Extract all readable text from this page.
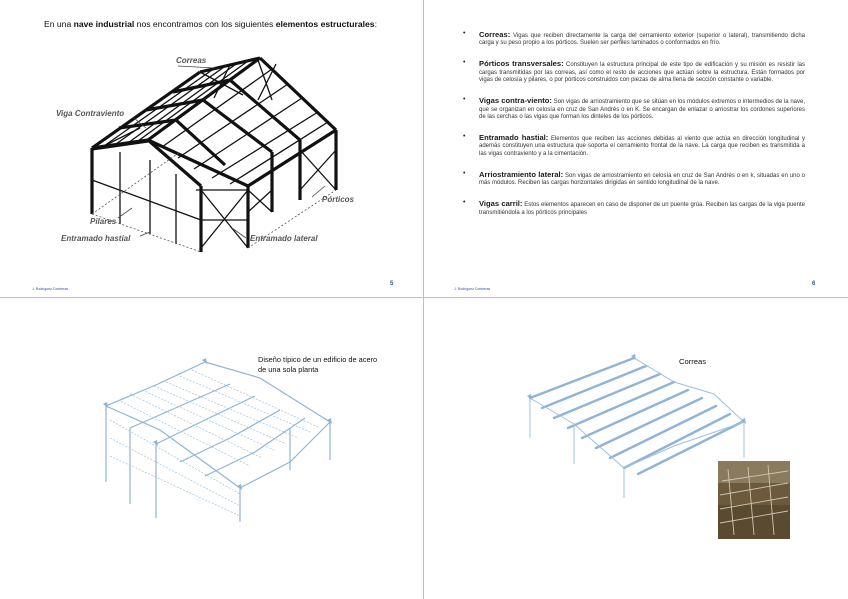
En una nave industrial nos encontramos con los siguientes elementos estructurales:
Correas
Viga Contraviento
Pórticos
Pilares
Entramado hastial	Entramado lateral
J. Rodríguez Contreras
5
• Correas: Vigas que reciben directamente la carga del cerramiento exterior (superior o lateral), transmitiendo dicha carga y su peso propio a los pórticos. Suelen ser perfiles laminados o conformados en frío.
• Pórticos transversales: Constituyen la estructura principal de este tipo de edificación y su misión es resistir las cargas transmitidas por las correas, así como el resto de acciones que actúan sobre la estructura. Están formados por vigas de celosía y pilares, o por pórticos construidos con piezas de alma llena de sección constante o variable.
• Vigas contra-viento: Son vigas de arriostramiento que se sitúan en los módulos extremos o intermedios de la nave, que se organizan en celosía en cruz de San Andrés o en K. Se encargan de enlazar o arriostrar los cordones superiores de las cerchas o las vigas que forman los dinteles de los pórticos.
• Entramado hastial: Elementos que reciben las acciones debidas al viento que actúa en dirección longitudinal y además constituyen una estructura que soporta el cerramiento frontal de la nave. La carga que reciben es transmitida a las vigas contraviento y a la cimentación.
• Arriostramiento lateral: Son vigas de arriostramiento en celosía en cruz de San Andrés o en k, situadas en uno o más módulos. Reciben las cargas horizontales dirigidas en sentido longitudinal de la nave.
• Vigas carril: Estos elementos aparecen en caso de disponer de un puente grúa. Reciben las cargas de la viga puente transmitiéndola a los pórticos principales
J. Rodríguez Contreras
6
Diseño típico de un edificio de acero de una sola planta
Correas
